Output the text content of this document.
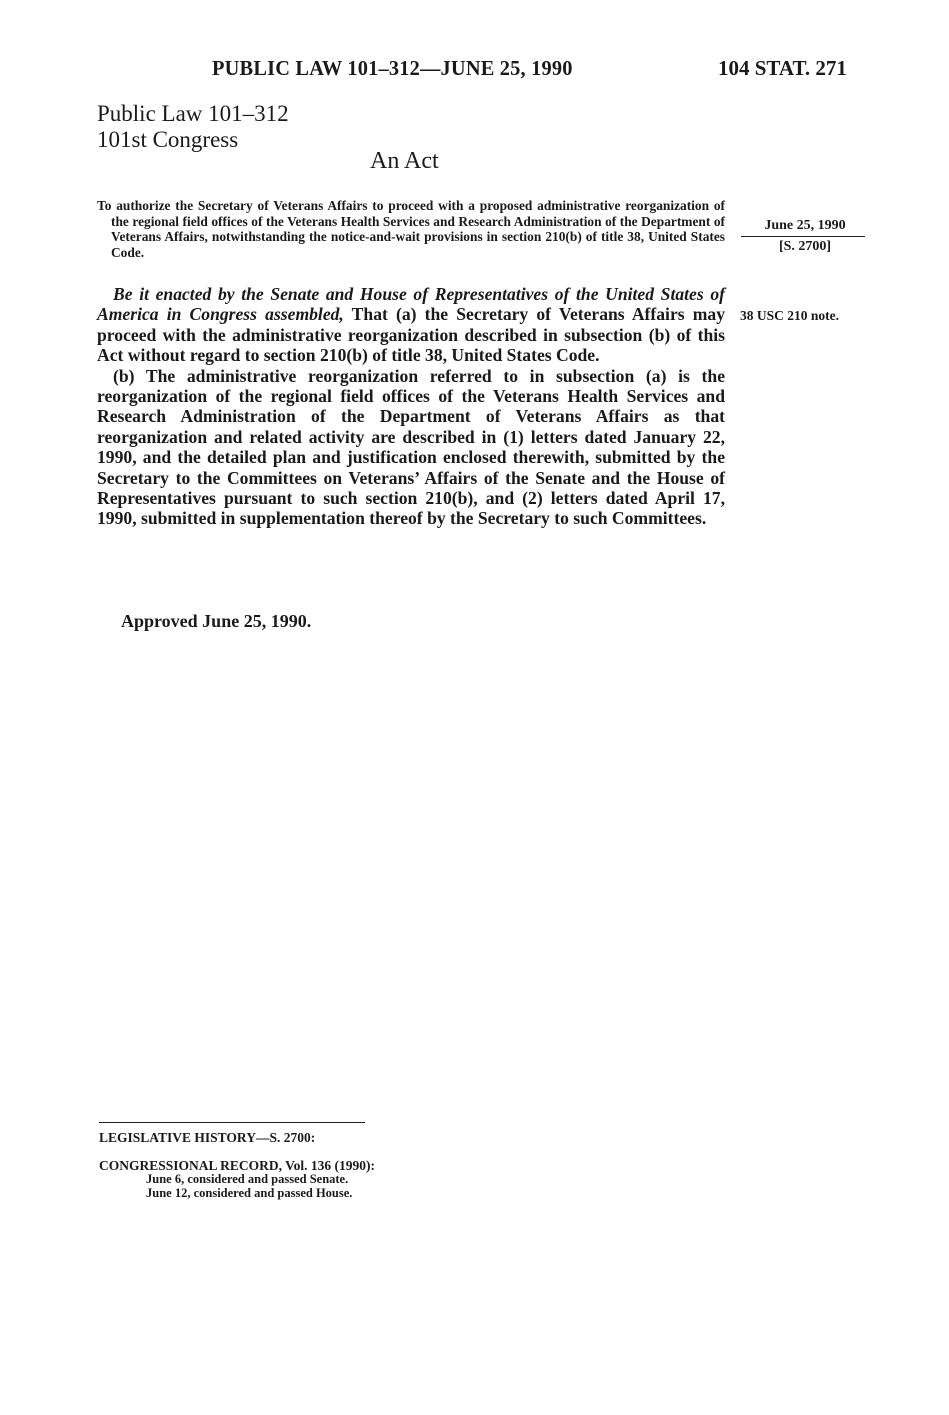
PUBLIC LAW 101–312—JUNE 25, 1990	104 STAT. 271
Public Law 101–312
101st Congress
An Act
To authorize the Secretary of Veterans Affairs to proceed with a proposed administrative reorganization of the regional field offices of the Veterans Health Services and Research Administration of the Department of Veterans Affairs, notwithstanding the notice-and-wait provisions in section 210(b) of title 38, United States Code.
June 25, 1990
[S. 2700]
38 USC 210 note.

Be it enacted by the Senate and House of Representatives of the United States of America in Congress assembled, That (a) the Secretary of Veterans Affairs may proceed with the administrative reorganization described in subsection (b) of this Act without regard to section 210(b) of title 38, United States Code.

(b) The administrative reorganization referred to in subsection (a) is the reorganization of the regional field offices of the Veterans Health Services and Research Administration of the Department of Veterans Affairs as that reorganization and related activity are described in (1) letters dated January 22, 1990, and the detailed plan and justification enclosed therewith, submitted by the Secretary to the Committees on Veterans’ Affairs of the Senate and the House of Representatives pursuant to such section 210(b), and (2) letters dated April 17, 1990, submitted in supplementation thereof by the Secretary to such Committees.

Approved June 25, 1990.
LEGISLATIVE HISTORY—S. 2700:
CONGRESSIONAL RECORD, Vol. 136 (1990):
June 6, considered and passed Senate.
June 12, considered and passed House.
